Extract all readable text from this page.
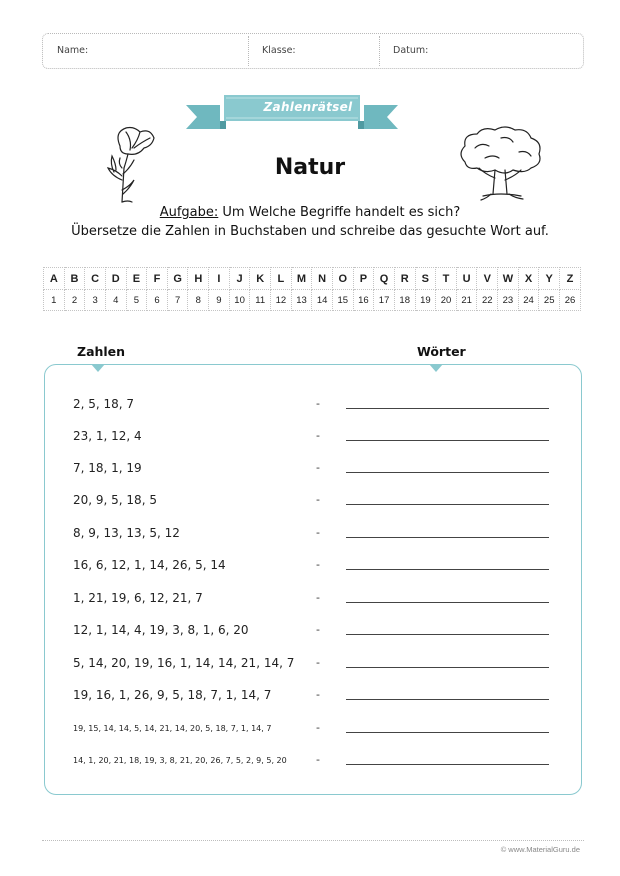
Name:	Klasse:	Datum:
Zahlenrätsel
Natur
Aufgabe: Um Welche Begriffe handelt es sich?
Übersetze die Zahlen in Buchstaben und schreibe das gesuchte Wort auf.
A	B	C	D	E	F	G	H	I	J	K	L	M	N	O	P	Q	R	S	T	U	V	W	X	Y	Z
1	2	3	4	5	6	7	8	9	10	11	12	13	14	15	16	17	18	19	20	21	22	23	24	25	26
Zahlen	Wörter
2, 5, 18, 7	-
23, 1, 12, 4	-
7, 18, 1, 19	-
20, 9, 5, 18, 5	-
8, 9, 13, 13, 5, 12	-
16, 6, 12, 1, 14, 26, 5, 14	-
1, 21, 19, 6, 12, 21, 7	-
12, 1, 14, 4, 19, 3, 8, 1, 6, 20	-
5, 14, 20, 19, 16, 1, 14, 14, 21, 14, 7 -
19, 16, 1, 26, 9, 5, 18, 7, 1, 14, 7	-
19, 15, 14, 14, 5, 14, 21, 14, 20, 5, 18, 7, 1, 14, 7	-
14, 1, 20, 21, 18, 19, 3, 8, 21, 20, 26, 7, 5, 2, 9, 5, 20	-
© www.MaterialGuru.de
